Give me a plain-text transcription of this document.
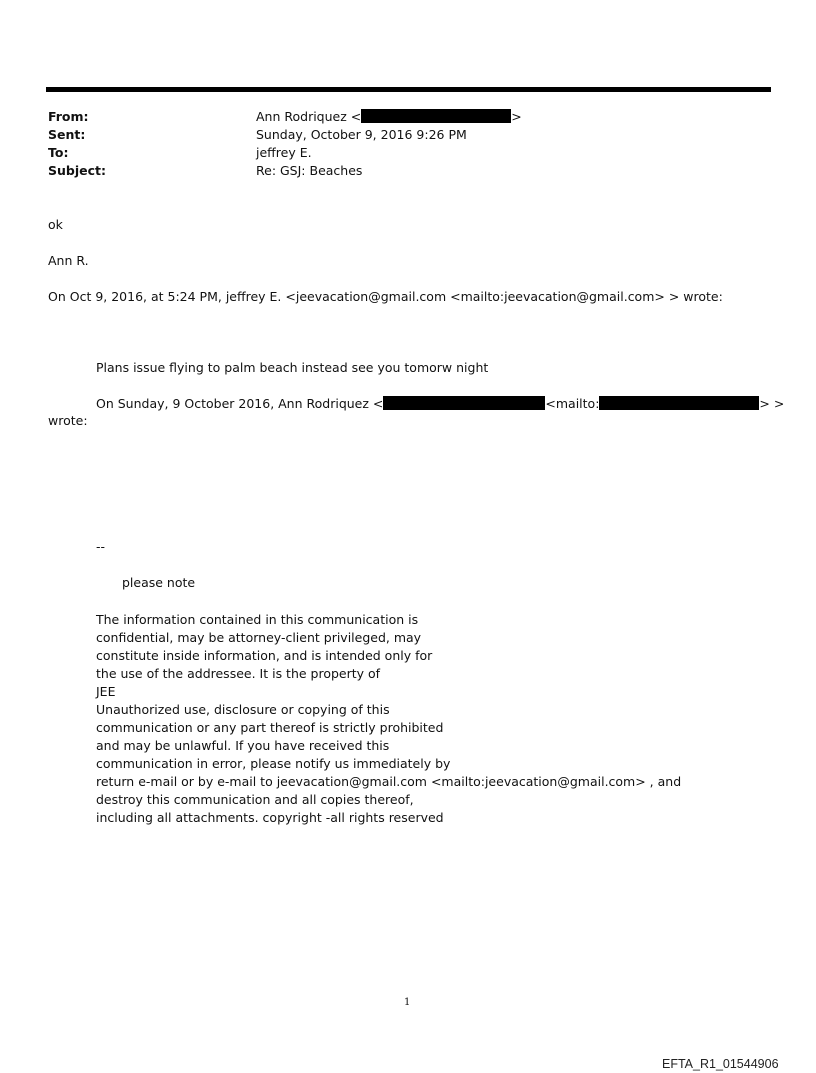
From:	Ann Rodriquez <	>
Sent:	Sunday, October 9, 2016 9:26 PM
To:	jeffrey E.
Subject:	Re: GSJ: Beaches
ok
Ann R.
On Oct 9, 2016, at 5:24 PM, jeffrey E. <jeevacation@gmail.com <mailto:jeevacation@gmail.com> > wrote:
Plans issue flying to palm beach instead see you tomorw night
On Sunday, 9 October 2016, Ann Rodriquez <	<mailto:	> >
wrote:
--
please note
The information contained in this communication is
confidential, may be attorney-client privileged, may
constitute inside information, and is intended only for
the use of the addressee. It is the property of
JEE
Unauthorized use, disclosure or copying of this
communication or any part thereof is strictly prohibited
and may be unlawful. If you have received this
communication in error, please notify us immediately by
return e-mail or by e-mail to jeevacation@gmail.com <mailto:jeevacation@gmail.com> , and
destroy this communication and all copies thereof,
including all attachments. copyright -all rights reserved
1
EFTA_R1_01544906
